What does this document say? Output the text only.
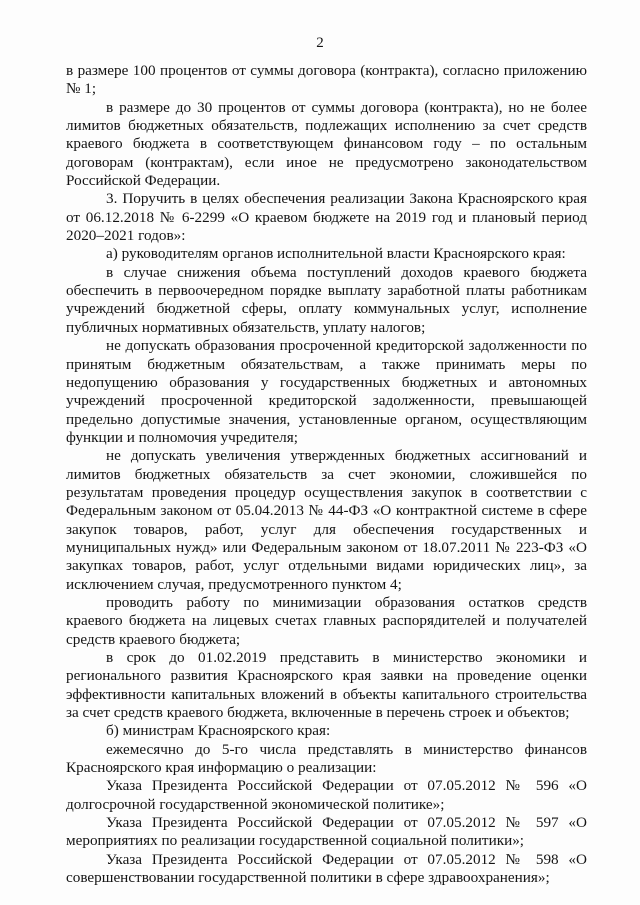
2

в размере 100 процентов от суммы договора (контракта), согласно приложению № 1;

в размере до 30 процентов от суммы договора (контракта), но не более лимитов бюджетных обязательств, подлежащих исполнению за счет средств краевого бюджета в соответствующем финансовом году – по остальным договорам (контрактам), если иное не предусмотрено законодательством Российской Федерации.

3. Поручить в целях обеспечения реализации Закона Красноярского края от 06.12.2018 № 6-2299 «О краевом бюджете на 2019 год и плановый период 2020–2021 годов»:

а) руководителям органов исполнительной власти Красноярского края:

в случае снижения объема поступлений доходов краевого бюджета обеспечить в первоочередном порядке выплату заработной платы работникам учреждений бюджетной сферы, оплату коммунальных услуг, исполнение публичных нормативных обязательств, уплату налогов;

не допускать образования просроченной кредиторской задолженности по принятым бюджетным обязательствам, а также принимать меры по недопущению образования у государственных бюджетных и автономных учреждений просроченной кредиторской задолженности, превышающей предельно допустимые значения, установленные органом, осуществляющим функции и полномочия учредителя;

не допускать увеличения утвержденных бюджетных ассигнований и лимитов бюджетных обязательств за счет экономии, сложившейся по результатам проведения процедур осуществления закупок в соответствии с Федеральным законом от 05.04.2013 № 44-ФЗ «О контрактной системе в сфере закупок товаров, работ, услуг для обеспечения государственных и муниципальных нужд» или Федеральным законом от 18.07.2011 № 223-ФЗ «О закупках товаров, работ, услуг отдельными видами юридических лиц», за исключением случая, предусмотренного пунктом 4;

проводить работу по минимизации образования остатков средств краевого бюджета на лицевых счетах главных распорядителей и получателей средств краевого бюджета;

в срок до 01.02.2019 представить в министерство экономики и регионального развития Красноярского края заявки на проведение оценки эффективности капитальных вложений в объекты капитального строительства за счет средств краевого бюджета, включенные в перечень строек и объектов;

б) министрам Красноярского края:

ежемесячно до 5-го числа представлять в министерство финансов Красноярского края информацию о реализации:

Указа Президента Российской Федерации от 07.05.2012 № 596 «О долгосрочной государственной экономической политике»;

Указа Президента Российской Федерации от 07.05.2012 № 597 «О мероприятиях по реализации государственной социальной политики»;

Указа Президента Российской Федерации от 07.05.2012 № 598 «О совершенствовании государственной политики в сфере здравоохранения»;
